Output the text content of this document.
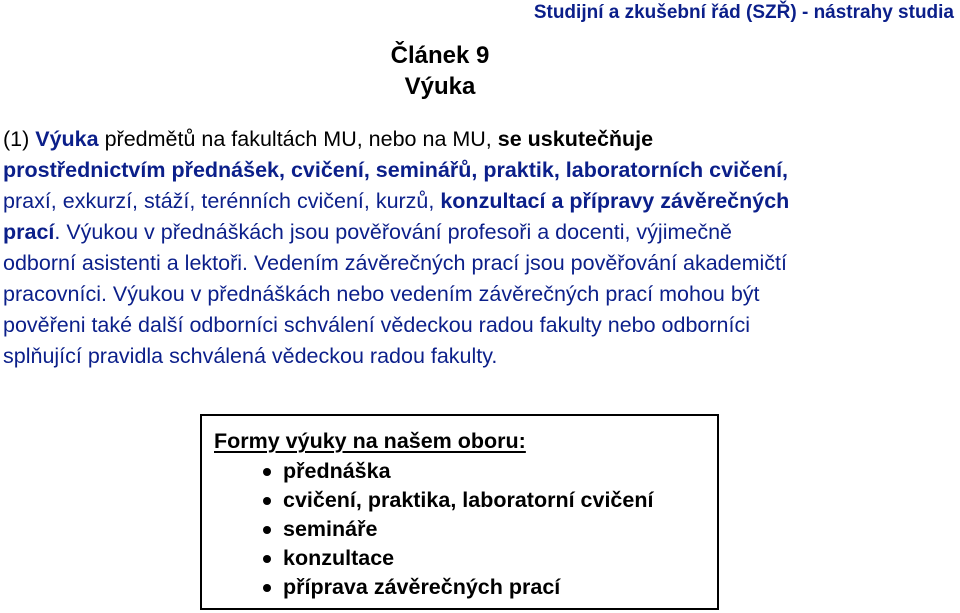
Studijní a zkušební řád (SZŘ) - nástrahy studia
Článek 9
Výuka
(1) Výuka předmětů na fakultách MU, nebo na MU, se uskutečňuje
prostřednictvím přednášek, cvičení, seminářů, praktik, laboratorních cvičení,
praxí, exkurzí, stáží, terénních cvičení, kurzů, konzultací a přípravy závěrečných
prací. Výukou v přednáškách jsou pověřování profesoři a docenti, výjimečně
odborní asistenti a lektoři. Vedením závěrečných prací jsou pověřování akademičtí
pracovníci. Výukou v přednáškách nebo vedením závěrečných prací mohou být
pověřeni také další odborníci schválení vědeckou radou fakulty nebo odborníci
splňující pravidla schválená vědeckou radou fakulty.
Formy výuky na našem oboru:
přednáška
cvičení, praktika, laboratorní cvičení
semináře
konzultace
příprava závěrečných prací
